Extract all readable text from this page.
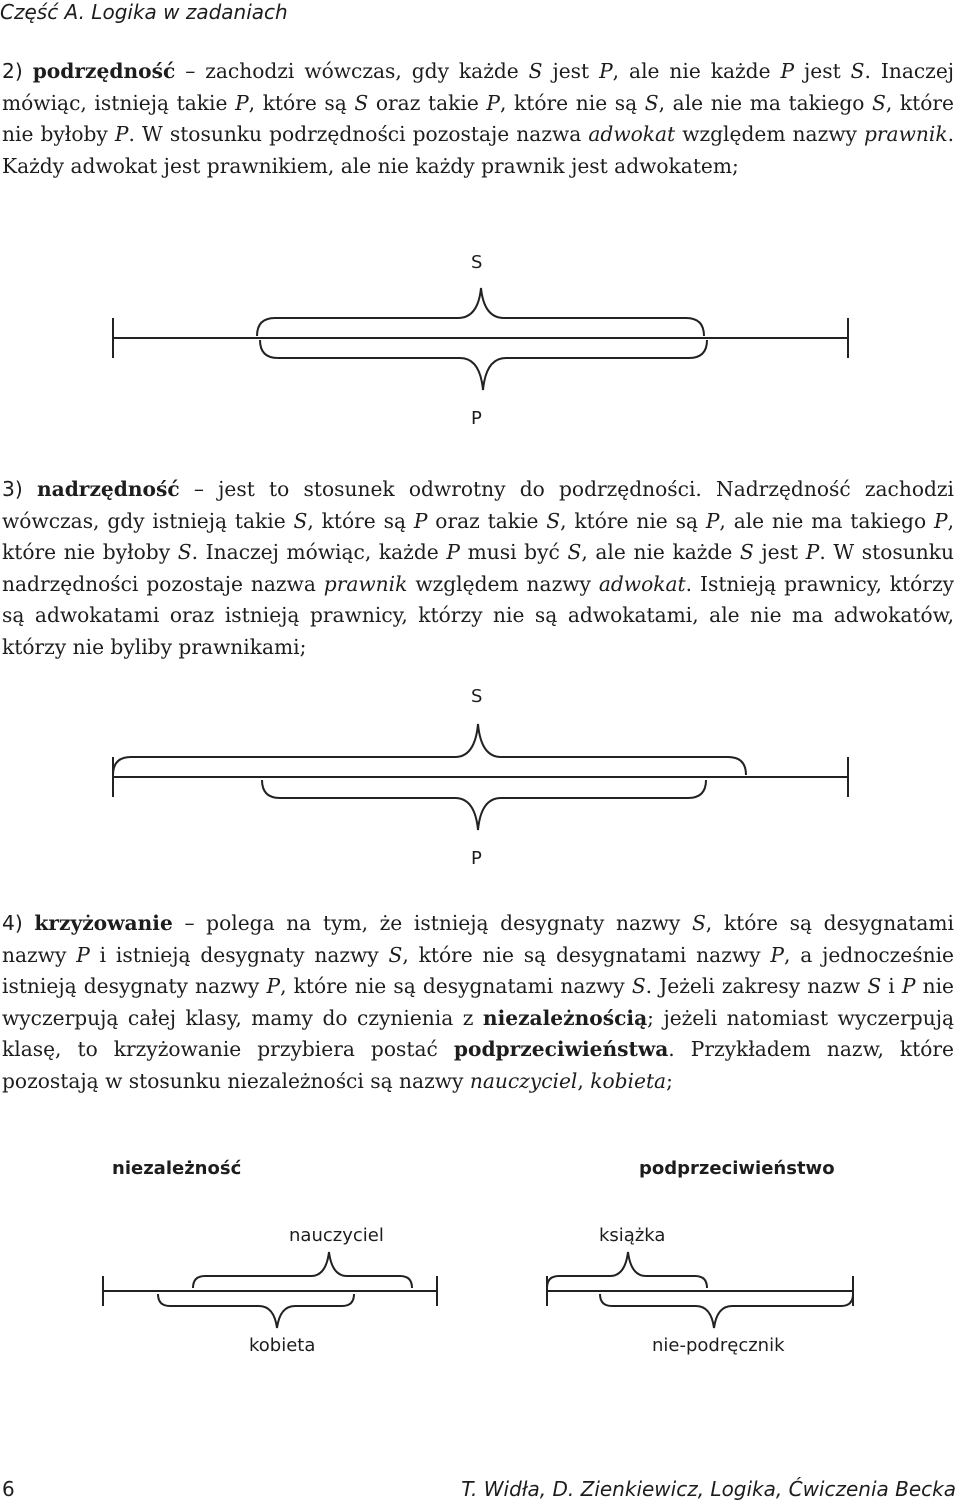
Część A. Logika w zadaniach
2) podrzędność – zachodzi wówczas, gdy każde S jest P, ale nie każde P jest S. Inaczej mówiąc, istnieją takie P, które są S oraz takie P, które nie są S, ale nie ma takiego S, które nie byłoby P. W stosunku podrzędności pozostaje nazwa adwokat względem nazwy prawnik. Każdy adwokat jest prawnikiem, ale nie każdy prawnik jest adwokatem;
S
P
3) nadrzędność – jest to stosunek odwrotny do podrzędności. Nadrzędność zachodzi wówczas, gdy istnieją takie S, które są P oraz takie S, które nie są P, ale nie ma takiego P, które nie byłoby S. Inaczej mówiąc, każde P musi być S, ale nie każde S jest P. W stosunku nadrzędności pozostaje nazwa prawnik względem nazwy adwokat. Istnieją prawnicy, którzy są adwokatami oraz istnieją prawnicy, którzy nie są adwokatami, ale nie ma adwokatów, którzy nie byliby prawnikami;
S
P
4) krzyżowanie – polega na tym, że istnieją desygnaty nazwy S, które są desygnatami nazwy P i istnieją desygnaty nazwy S, które nie są desygnatami nazwy P, a jednocześnie istnieją desygnaty nazwy P, które nie są desygnatami nazwy S. Jeżeli zakresy nazw S i P nie wyczerpują całej klasy, mamy do czynienia z niezależnością; jeżeli natomiast wyczerpują klasę, to krzyżowanie przybiera postać podprzeciwieństwa. Przykładem nazw, które pozostają w stosunku niezależności są nazwy nauczyciel, kobieta;
niezależność	podprzeciwieństwo
nauczyciel	książka
kobieta	nie-podręcznik
6	T. Widła, D. Zienkiewicz, Logika, Ćwiczenia Becka
